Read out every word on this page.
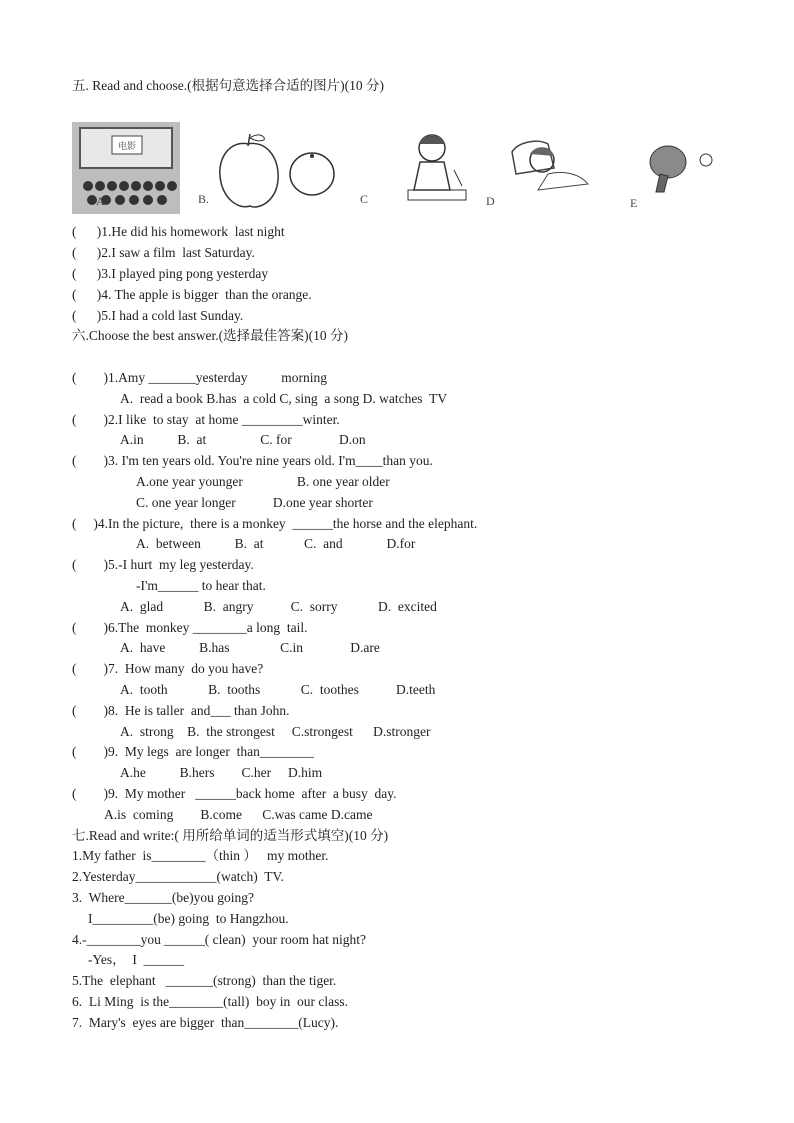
五. Read and choose.(根据句意选择合适的图片)(10 分)
电影
A.	B.	C	D	E
(      )1.He did his homework  last night
(      )2.I saw a film  last Saturday.
(      )3.I played ping pong yesterday
(      )4. The apple is bigger  than the orange.
(      )5.I had a cold last Sunday.
六.Choose the best answer.(选择最佳答案)(10 分)
(        )1.Amy _______yesterday          morning
A.  read a book B.has  a cold C, sing  a song D. watches  TV
(        )2.I like  to stay  at home _________winter.
A.in          B.  at                C. for              D.on
(        )3. I'm ten years old. You're nine years old. I'm____than you.
A.one year younger                B. one year older
C. one year longer           D.one year shorter
(     )4.In the picture,  there is a monkey  ______the horse and the elephant.
A.  between          B.  at            C.  and             D.for
(        )5.-I hurt  my leg yesterday.
-I'm______ to hear that.
A.  glad            B.  angry           C.  sorry            D.  excited
(        )6.The  monkey ________a long  tail.
A.  have          B.has               C.in              D.are
(        )7.  How many  do you have?
A.  tooth            B.  tooths            C.  toothes           D.teeth
(        )8.  He is taller  and___ than John.
A.  strong    B.  the strongest     C.strongest      D.stronger
(        )9.  My legs  are longer  than________
A.he          B.hers        C.her     D.him
(        )9.  My mother   ______back home  after  a busy  day.
A.is  coming        B.come      C.was came D.came
七.Read and write:( 用所给单词的适当形式填空)(10 分)
1.My father  is________（thin ）   my mother.
2.Yesterday____________(watch)  TV.
3.  Where_______(be)you going?
I_________(be) going  to Hangzhou.
4.-________you ______( clean)  your room hat night?
-Yes，  I  ______
5.The  elephant   _______(strong)  than the tiger.
6.  Li Ming  is the________(tall)  boy in  our class.
7.  Mary's  eyes are bigger  than________(Lucy).
